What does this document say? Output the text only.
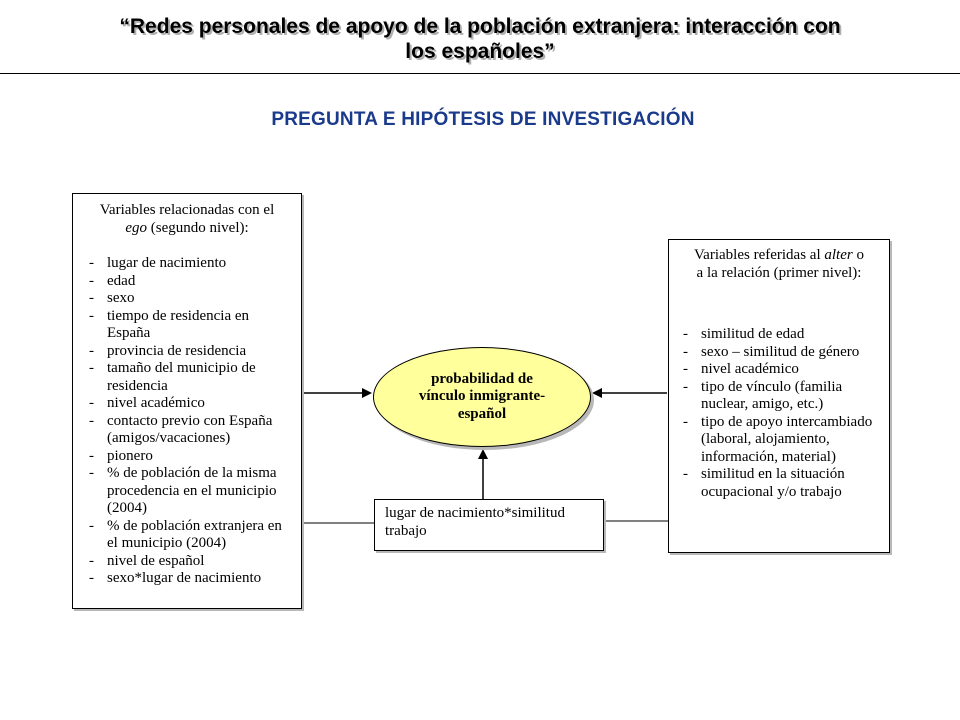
“Redes personales de apoyo de la población extranjera: interacción con
los españoles”
PREGUNTA E HIPÓTESIS DE INVESTIGACIÓN
Variables relacionadas con el
ego (segundo nivel):
- lugar de nacimiento
- edad
- sexo
- tiempo de residencia en España
- provincia de residencia
- tamaño del municipio de residencia
- nivel académico
- contacto previo con España (amigos/vacaciones)
- pionero
- % de población de la misma procedencia en el municipio (2004)
- % de población extranjera en el municipio (2004)
- nivel de español
- sexo*lugar de nacimiento
probabilidad de vínculo inmigrante-español
Variables referidas al alter o
a la relación (primer nivel):
- similitud de edad
- sexo – similitud de género
- nivel académico
- tipo de vínculo (familia nuclear, amigo, etc.)
- tipo de apoyo intercambiado (laboral, alojamiento, información, material)
- similitud en la situación ocupacional y/o trabajo
lugar de nacimiento*similitud trabajo
